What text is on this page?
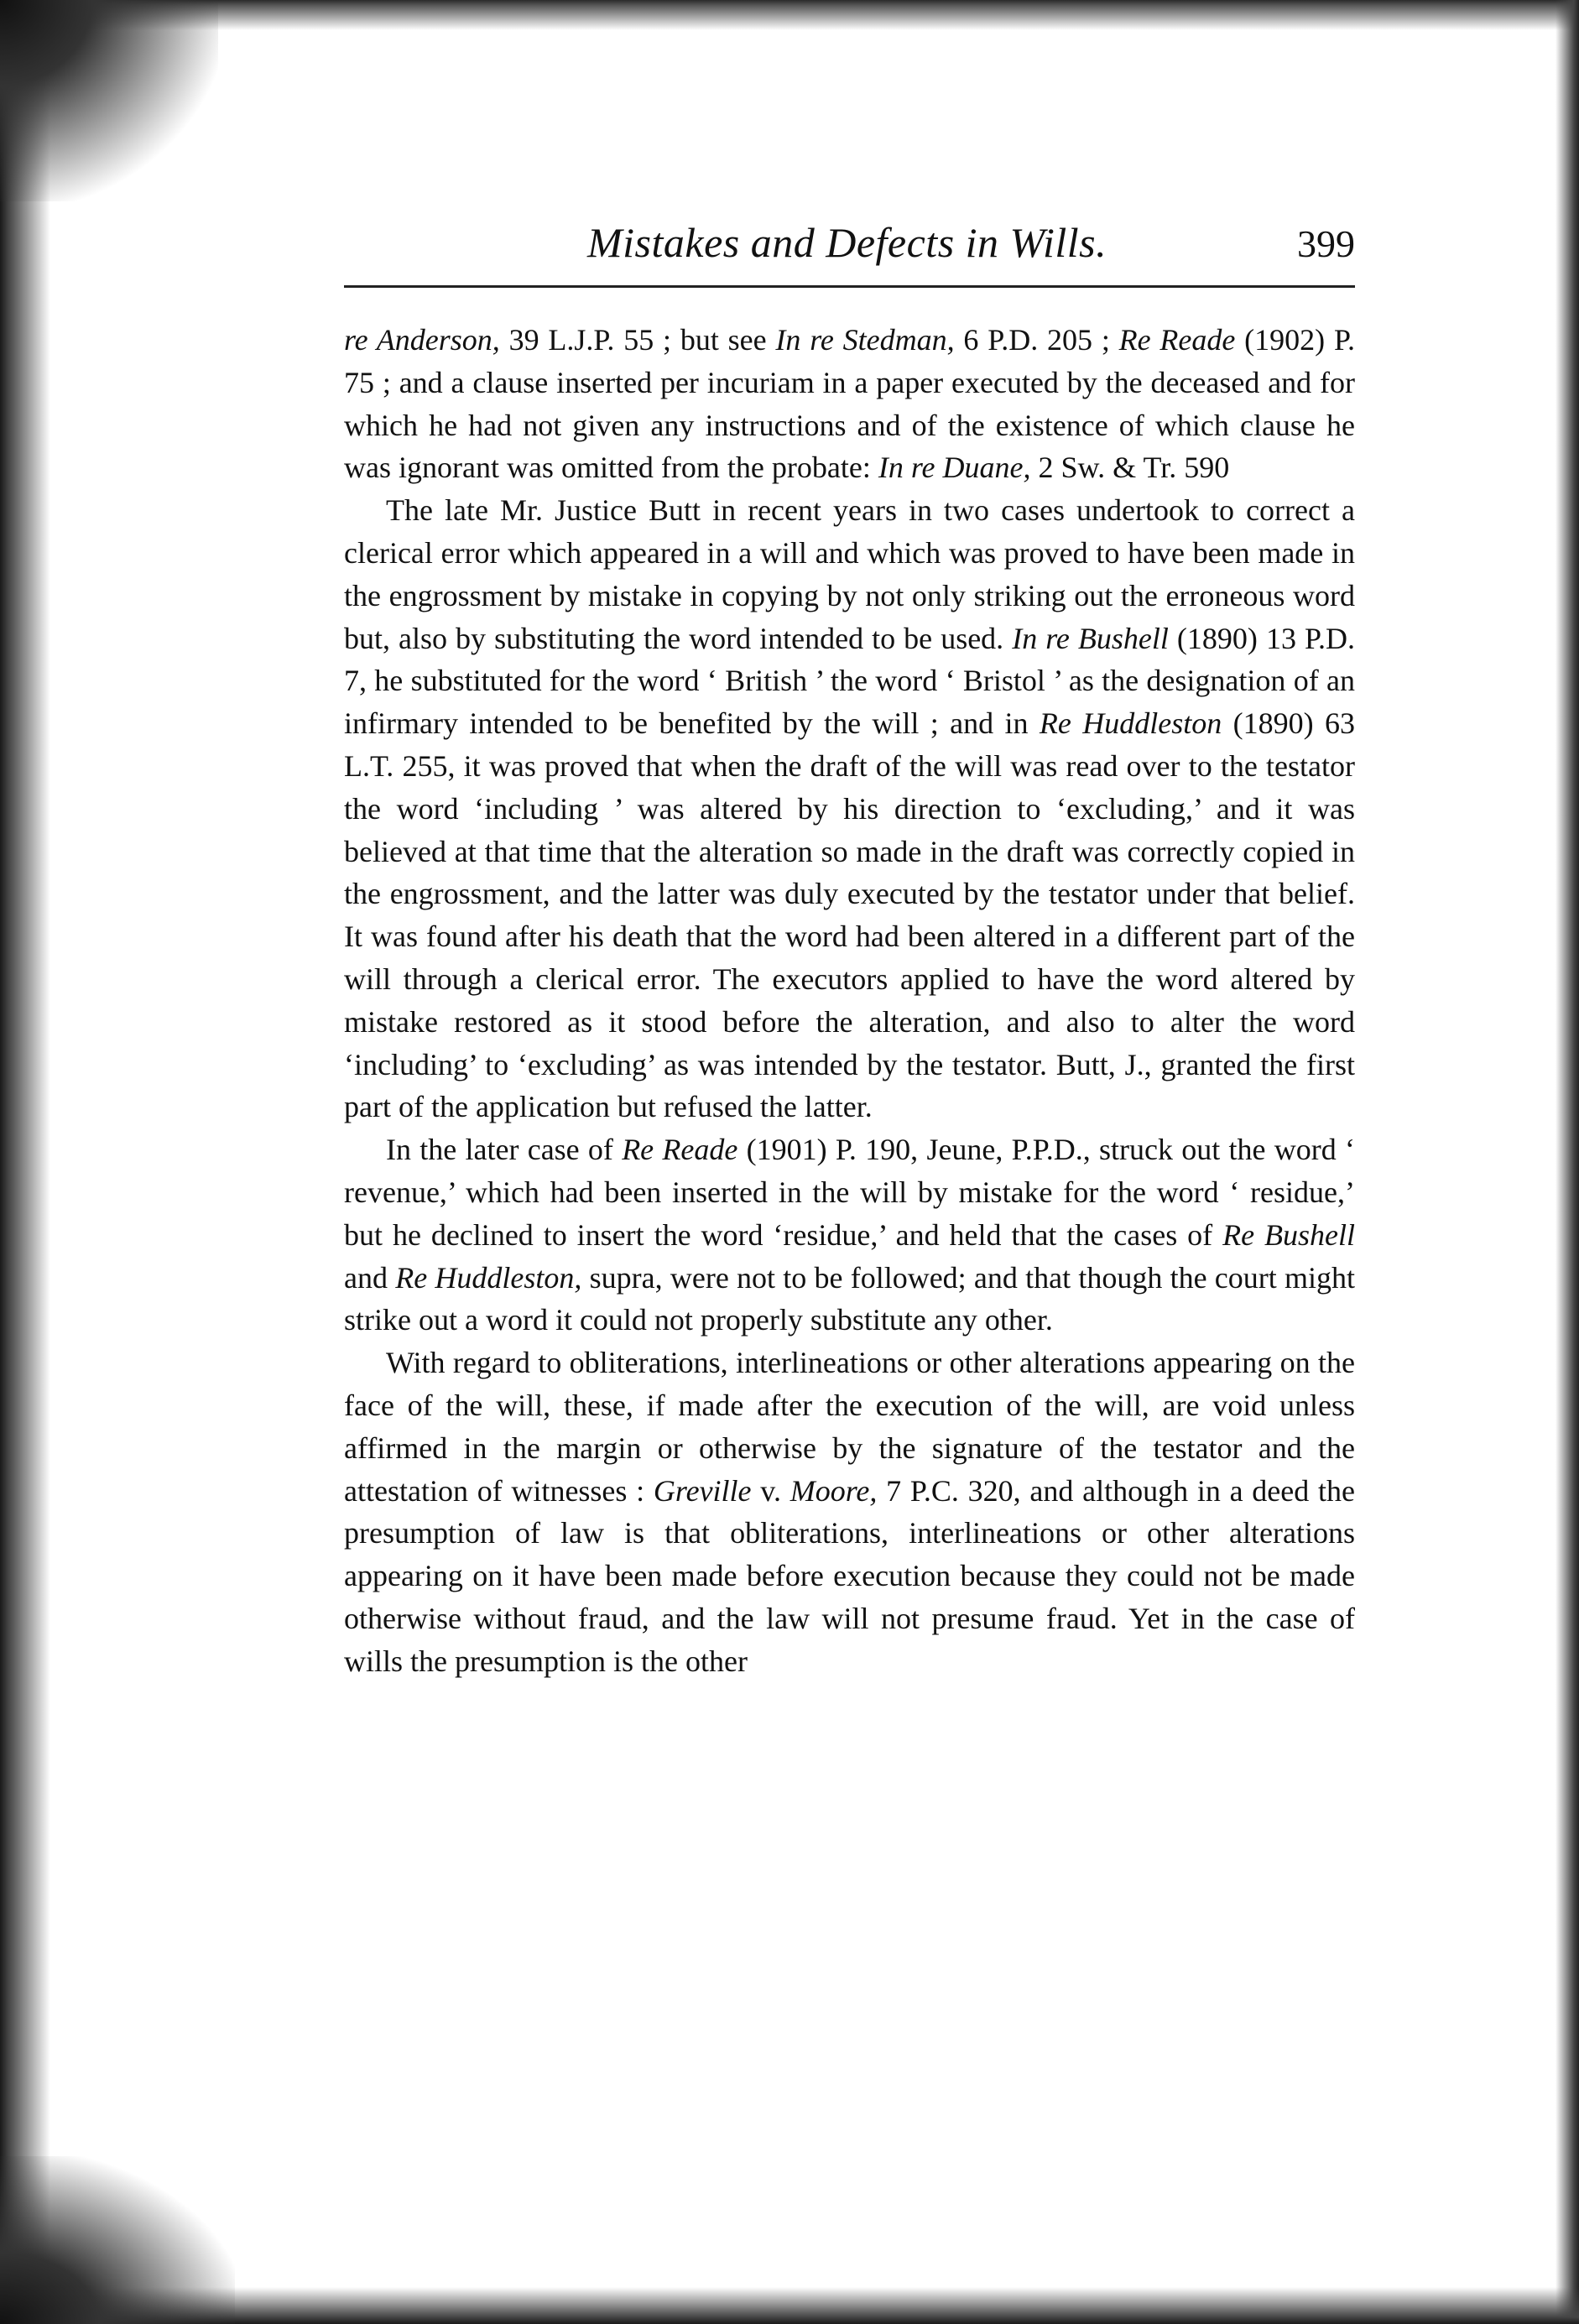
Mistakes and Defects in Wills.	399

re Anderson, 39 L.J.P. 55 ; but see In re Stedman, 6 P.D. 205 ; Re Reade (1902) P. 75 ; and a clause inserted per incuriam in a paper executed by the deceased and for which he had not given any instructions and of the existence of which clause he was ignorant was omitted from the probate: In re Duane, 2 Sw. & Tr. 590

The late Mr. Justice Butt in recent years in two cases undertook to correct a clerical error which appeared in a will and which was proved to have been made in the engrossment by mistake in copying by not only striking out the erroneous word but, also by substituting the word intended to be used. In re Bushell (1890) 13 P.D. 7, he substituted for the word ‘ British ’ the word ‘ Bristol ’ as the designation of an infirmary intended to be benefited by the will ; and in Re Huddleston (1890) 63 L.T. 255, it was proved that when the draft of the will was read over to the testator the word ‘including ’ was altered by his direction to ‘excluding,’ and it was believed at that time that the alteration so made in the draft was correctly copied in the engrossment, and the latter was duly executed by the testator under that belief. It was found after his death that the word had been altered in a different part of the will through a clerical error. The executors applied to have the word altered by mistake restored as it stood before the alteration, and also to alter the word ‘including’ to ‘excluding’ as was intended by the testator. Butt, J., granted the first part of the application but refused the latter.

In the later case of Re Reade (1901) P. 190, Jeune, P.P.D., struck out the word ‘ revenue,’ which had been inserted in the will by mistake for the word ‘ residue,’ but he declined to insert the word ‘residue,’ and held that the cases of Re Bushell and Re Huddleston, supra, were not to be followed; and that though the court might strike out a word it could not properly substitute any other.

With regard to obliterations, interlineations or other alterations appearing on the face of the will, these, if made after the execution of the will, are void unless affirmed in the margin or otherwise by the signature of the testator and the attestation of witnesses : Greville v. Moore, 7 P.C. 320, and although in a deed the presumption of law is that obliterations, interlineations or other alterations appearing on it have been made before execution because they could not be made otherwise without fraud, and the law will not presume fraud. Yet in the case of wills the presumption is the other
